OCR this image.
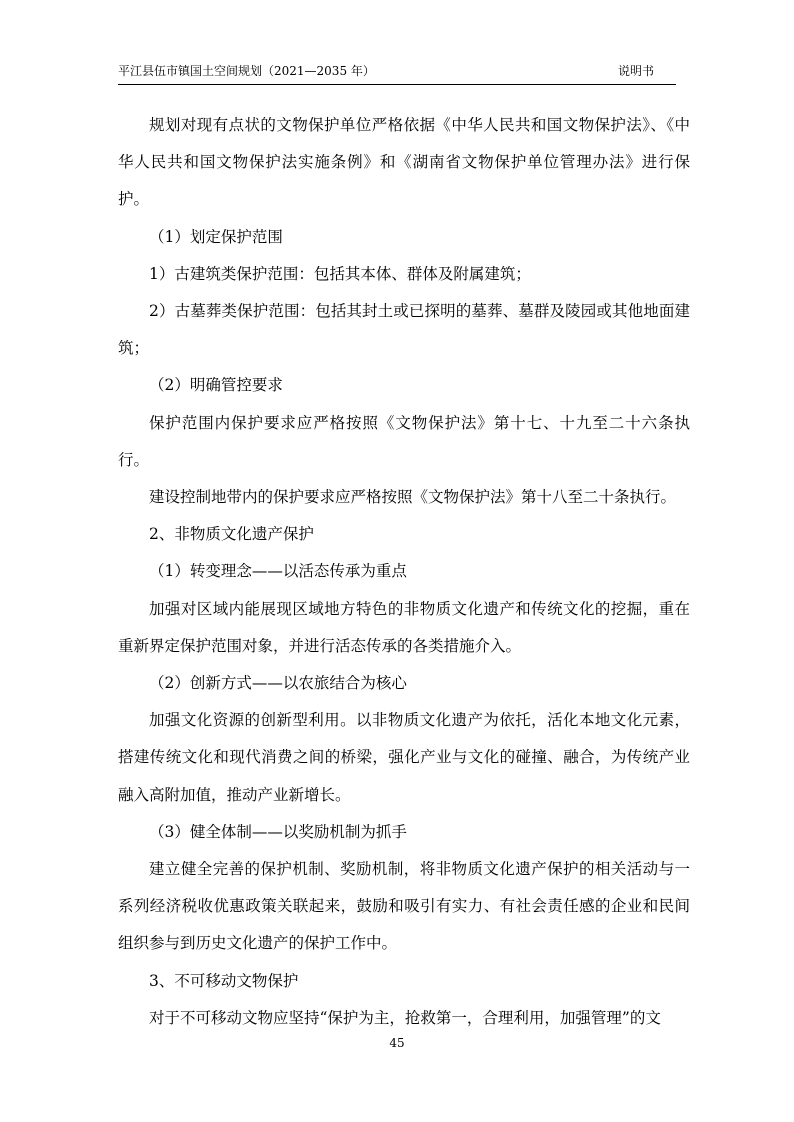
平江县伍市镇国土空间规划（2021—2035 年）	说明书

规划对现有点状的文物保护单位严格依据《中华人民共和国文物保护法》、《中华人民共和国文物保护法实施条例》和《湖南省文物保护单位管理办法》进行保护。

（1）划定保护范围

1）古建筑类保护范围：包括其本体、群体及附属建筑；

2）古墓葬类保护范围：包括其封土或已探明的墓葬、墓群及陵园或其他地面建筑；

（2）明确管控要求

保护范围内保护要求应严格按照《文物保护法》第十七、十九至二十六条执行。

建设控制地带内的保护要求应严格按照《文物保护法》第十八至二十条执行。

2、非物质文化遗产保护

（1）转变理念——以活态传承为重点

加强对区域内能展现区域地方特色的非物质文化遗产和传统文化的挖掘，重在重新界定保护范围对象，并进行活态传承的各类措施介入。

（2）创新方式——以农旅结合为核心

加强文化资源的创新型利用。以非物质文化遗产为依托，活化本地文化元素，搭建传统文化和现代消费之间的桥梁，强化产业与文化的碰撞、融合，为传统产业融入高附加值，推动产业新增长。

（3）健全体制——以奖励机制为抓手

建立健全完善的保护机制、奖励机制，将非物质文化遗产保护的相关活动与一系列经济税收优惠政策关联起来，鼓励和吸引有实力、有社会责任感的企业和民间组织参与到历史文化遗产的保护工作中。

3、不可移动文物保护

对于不可移动文物应坚持“保护为主，抢救第一，合理利用，加强管理”的文

45
